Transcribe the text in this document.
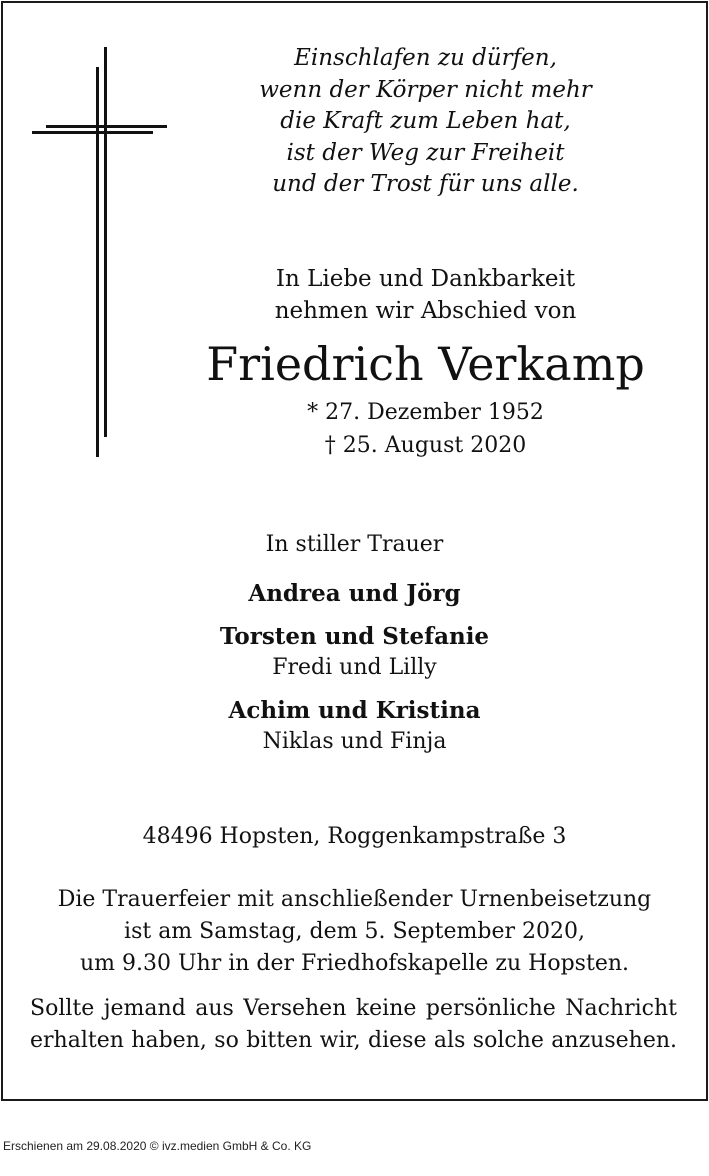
Einschlafen zu dürfen,

wenn der Körper nicht mehr

die Kraft zum Leben hat,

ist der Weg zur Freiheit

und der Trost für uns alle.

In Liebe und Dankbarkeit

nehmen wir Abschied von

Friedrich Verkamp

* 27. Dezember 1952

† 25. August 2020

In stiller Trauer

Andrea und Jörg

Torsten und Stefanie

Fredi und Lilly

Achim und Kristina

Niklas und Finja

48496 Hopsten, Roggenkampstraße 3

Die Trauerfeier mit anschließender Urnenbeisetzung

ist am Samstag, dem 5. September 2020,

um 9.30 Uhr in der Friedhofskapelle zu Hopsten.

Sollte jemand aus Versehen keine persönliche Nachricht

erhalten haben, so bitten wir, diese als solche anzusehen.

Erschienen am 29.08.2020 © ivz.medien GmbH & Co. KG
